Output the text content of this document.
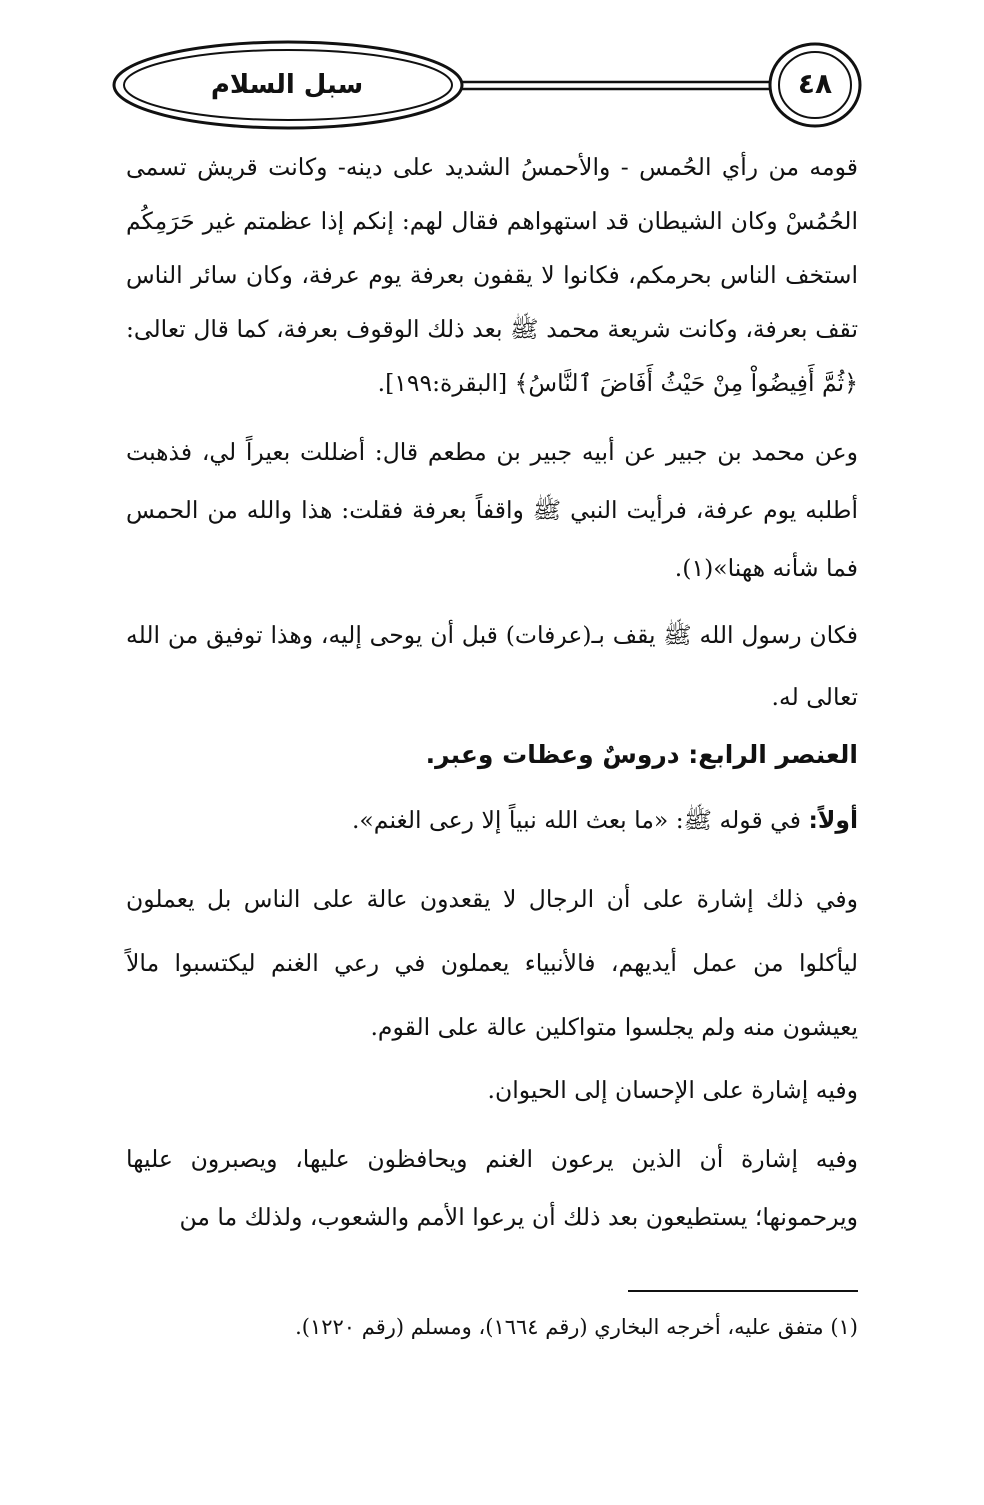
سبل السلام	٤٨
قومه من رأي الحُمس - والأحمسُ الشديد على دينه- وكانت قريش تسمى الحُمُسْ وكان الشيطان قد استهواهم فقال لهم: إنكم إذا عظمتم غير حَرَمِكُم استخف الناس بحرمكم، فكانوا لا يقفون بعرفة يوم عرفة، وكان سائر الناس تقف بعرفة، وكانت شريعة محمد ﷺ بعد ذلك الوقوف بعرفة، كما قال تعالى: ﴿ثُمَّ أَفِيضُواْ مِنْ حَيْثُ أَفَاضَ ٱلنَّاسُ﴾ [البقرة:١٩٩].
وعن محمد بن جبير عن أبيه جبير بن مطعم قال: أضللت بعيراً لي، فذهبت أطلبه يوم عرفة، فرأيت النبي ﷺ واقفاً بعرفة فقلت: هذا والله من الحمس فما شأنه ههنا»(١).
فكان رسول الله ﷺ يقف بـ(عرفات) قبل أن يوحى إليه، وهذا توفيق من الله تعالى له.
العنصر الرابع: دروسٌ وعظات وعبر.
أولاً: في قوله ﷺ: «ما بعث الله نبياً إلا رعى الغنم».
وفي ذلك إشارة على أن الرجال لا يقعدون عالة على الناس بل يعملون ليأكلوا من عمل أيديهم، فالأنبياء يعملون في رعي الغنم ليكتسبوا مالاً يعيشون منه ولم يجلسوا متواكلين عالة على القوم.
وفيه إشارة على الإحسان إلى الحيوان.
وفيه إشارة أن الذين يرعون الغنم ويحافظون عليها، ويصبرون عليها ويرحمونها؛ يستطيعون بعد ذلك أن يرعوا الأمم والشعوب، ولذلك ما من
(١) متفق عليه، أخرجه البخاري (رقم ١٦٦٤)، ومسلم (رقم ١٢٢٠).
